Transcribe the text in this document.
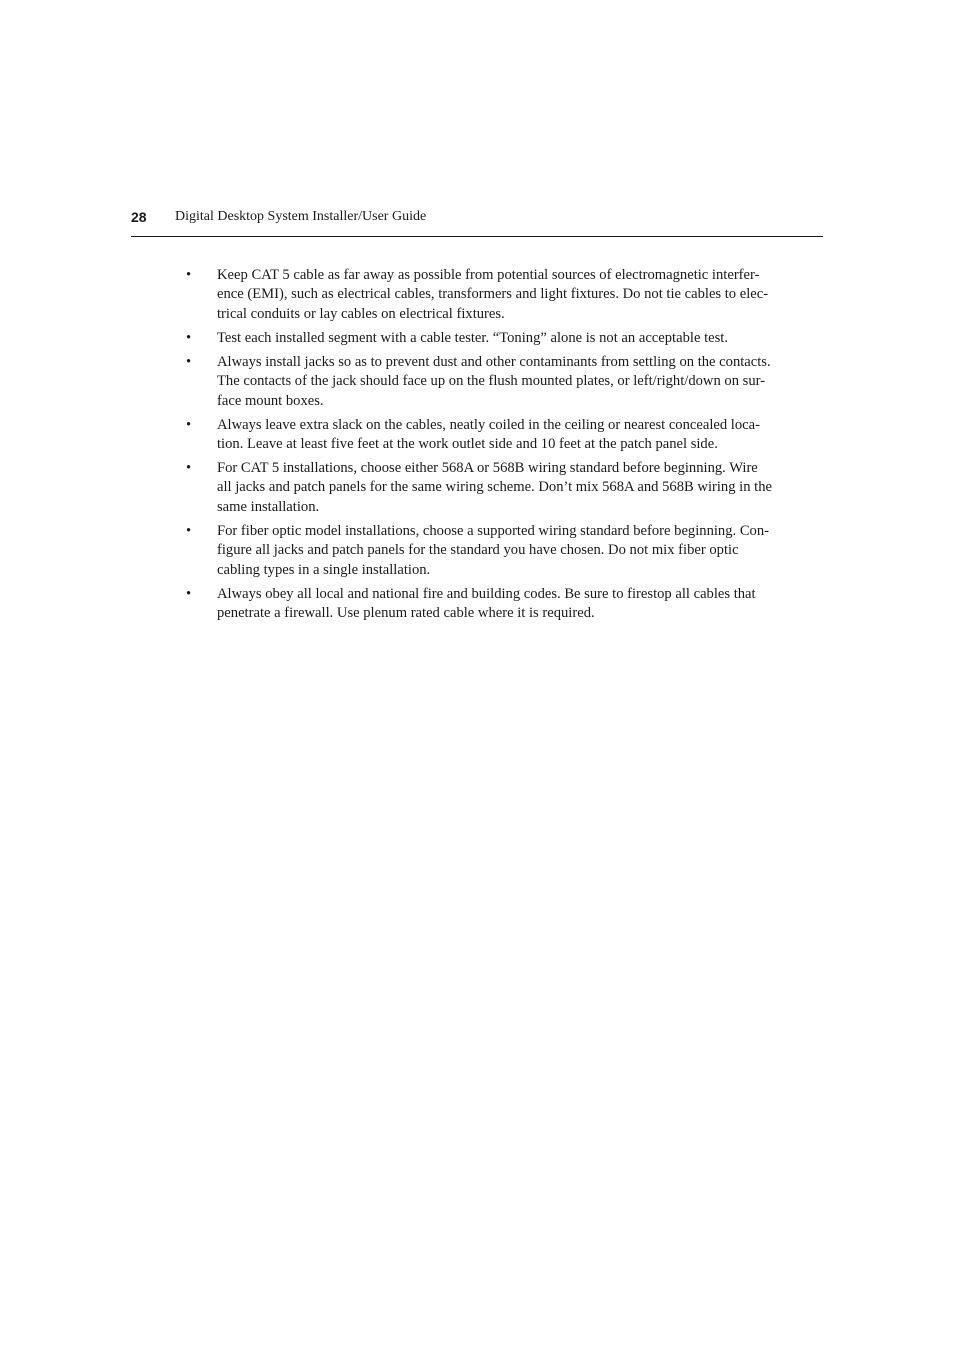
28 Digital Desktop System Installer/User Guide
• Keep CAT 5 cable as far away as possible from potential sources of electromagnetic interfer-
ence (EMI), such as electrical cables, transformers and light fixtures. Do not tie cables to elec-
trical conduits or lay cables on electrical fixtures.
• Test each installed segment with a cable tester. “Toning” alone is not an acceptable test.
• Always install jacks so as to prevent dust and other contaminants from settling on the contacts.
The contacts of the jack should face up on the flush mounted plates, or left/right/down on sur-
face mount boxes.
• Always leave extra slack on the cables, neatly coiled in the ceiling or nearest concealed loca-
tion. Leave at least five feet at the work outlet side and 10 feet at the patch panel side.
• For CAT 5 installations, choose either 568A or 568B wiring standard before beginning. Wire
all jacks and patch panels for the same wiring scheme. Don’t mix 568A and 568B wiring in the
same installation.
• For fiber optic model installations, choose a supported wiring standard before beginning. Con-
figure all jacks and patch panels for the standard you have chosen. Do not mix fiber optic
cabling types in a single installation.
• Always obey all local and national fire and building codes. Be sure to firestop all cables that
penetrate a firewall. Use plenum rated cable where it is required.
